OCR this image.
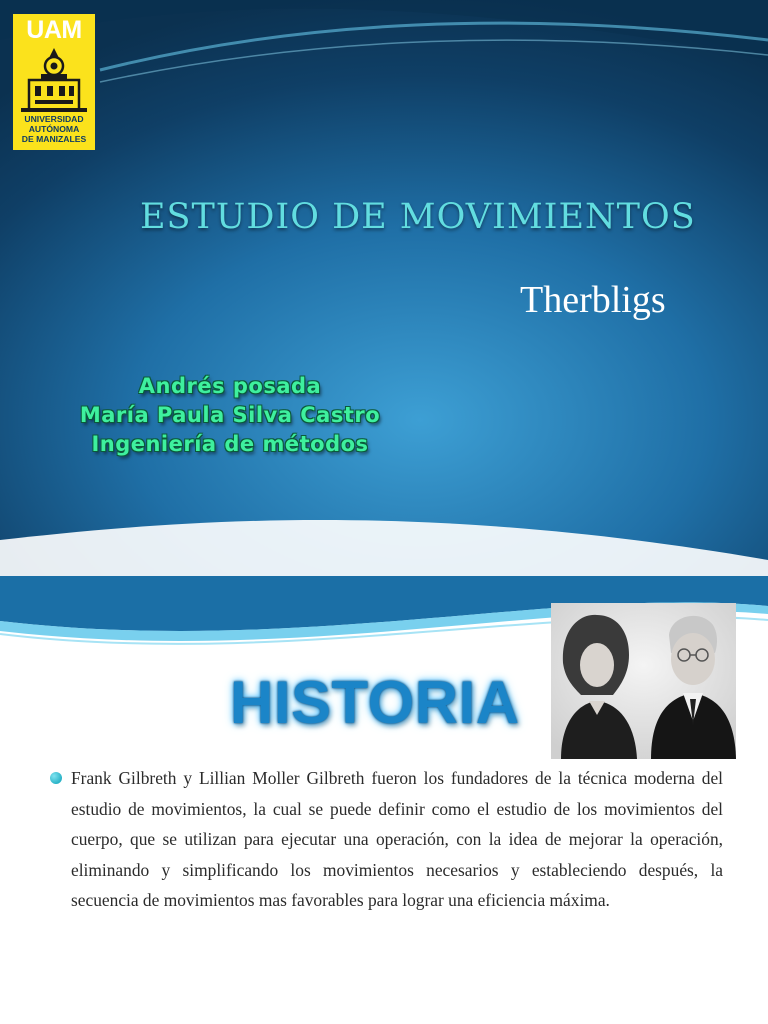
UAM
UNIVERSIDAD
AUTÓNOMA
DE MANIZALES
ESTUDIO DE MOVIMIENTOS
Therbligs
Andrés posada
María Paula Silva Castro
Ingeniería de métodos
HISTORIA
Frank Gilbreth y Lillian Moller Gilbreth fueron los fundadores de la técnica moderna del estudio de movimientos, la cual se puede definir como el estudio de los movimientos del cuerpo, que se utilizan para ejecutar una operación, con la idea de mejorar la operación, eliminando y simplificando los movimientos necesarios y estableciendo después, la secuencia de movimientos mas favorables para lograr una eficiencia máxima.
